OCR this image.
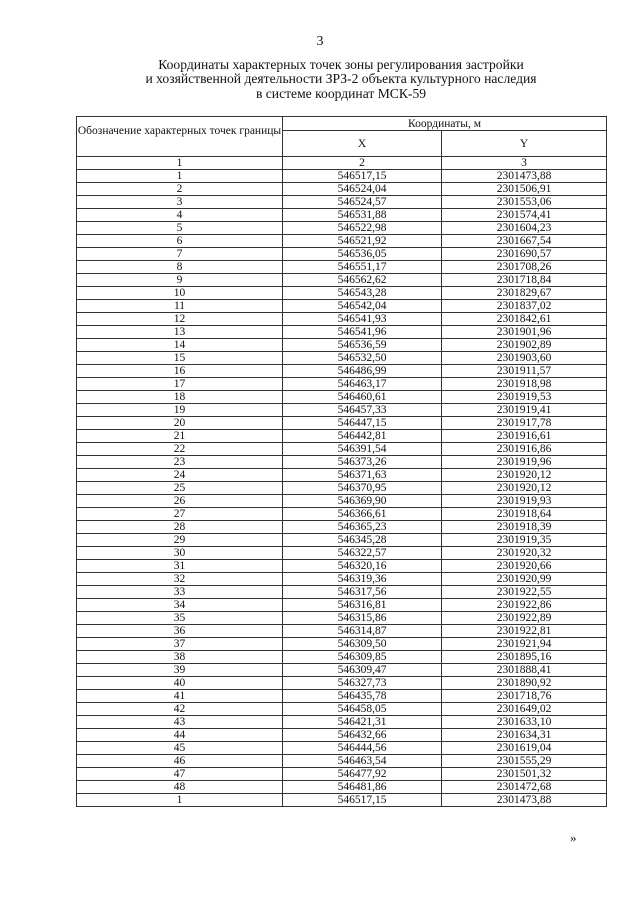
3
Координаты характерных точек зоны регулирования застройки
и хозяйственной деятельности ЗРЗ-2 объекта культурного наследия
в системе координат МСК-59
Обозначение характерных точек границы	Координаты, м	
	X	Y
1	2	3
1	546517,15	2301473,88
2	546524,04	2301506,91
3	546524,57	2301553,06
4	546531,88	2301574,41
5	546522,98	2301604,23
6	546521,92	2301667,54
7	546536,05	2301690,57
8	546551,17	2301708,26
9	546562,62	2301718,84
10	546543,28	2301829,67
11	546542,04	2301837,02
12	546541,93	2301842,61
13	546541,96	2301901,96
14	546536,59	2301902,89
15	546532,50	2301903,60
16	546486,99	2301911,57
17	546463,17	2301918,98
18	546460,61	2301919,53
19	546457,33	2301919,41
20	546447,15	2301917,78
21	546442,81	2301916,61
22	546391,54	2301916,86
23	546373,26	2301919,96
24	546371,63	2301920,12
25	546370,95	2301920,12
26	546369,90	2301919,93
27	546366,61	2301918,64
28	546365,23	2301918,39
29	546345,28	2301919,35
30	546322,57	2301920,32
31	546320,16	2301920,66
32	546319,36	2301920,99
33	546317,56	2301922,55
34	546316,81	2301922,86
35	546315,86	2301922,89
36	546314,87	2301922,81
37	546309,50	2301921,94
38	546309,85	2301895,16
39	546309,47	2301888,41
40	546327,73	2301890,92
41	546435,78	2301718,76
42	546458,05	2301649,02
43	546421,31	2301633,10
44	546432,66	2301634,31
45	546444,56	2301619,04
46	546463,54	2301555,29
47	546477,92	2301501,32
48	546481,86	2301472,68
1	546517,15	2301473,88
»
